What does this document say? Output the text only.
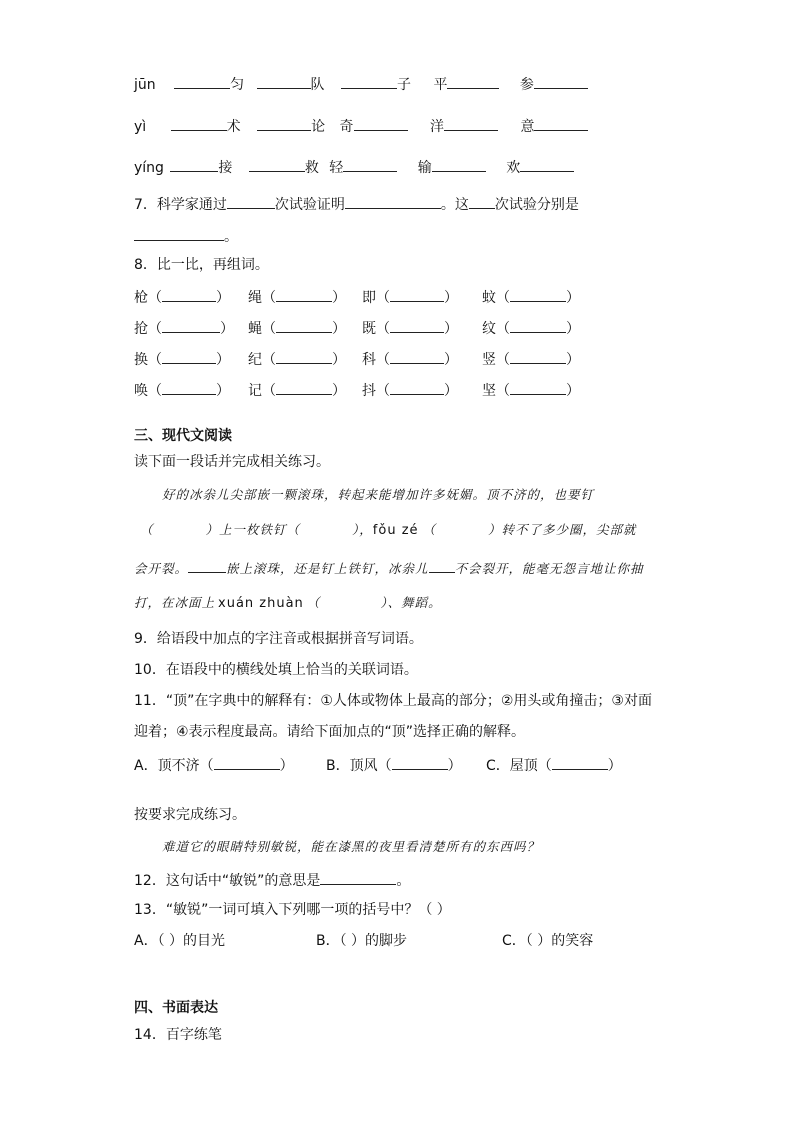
jūn	匀	队	子 平	参
yì	术	论 奇	洋	意
yíng	接	救 轻	输	欢
7．科学家通过	次试验证明	。这 次试验分别是
。
8．比一比，再组词。
枪（	） 绳（	） 即（	） 蚊（	）
抢（	） 蝇（	） 既（	） 纹（	）
换（	） 纪（	） 科（	） 竖（	）
唤（	） 记（	） 抖（	） 坚（	）
三、现代文阅读
读下面一段话并完成相关练习。
好的冰尜儿尖部嵌一颗滚珠，转起来能增加许多妩媚。顶不济的，也要钉
（	）上一枚铁钉（	），fǒu zé （	）转不了多少圈，尖部就
会开裂。	嵌上滚珠，还是钉上铁钉，冰尜儿 不会裂开，能毫无怨言地让你抽
打，在冰面上 xuán zhuàn （	）、舞蹈。
9．给语段中加点的字注音或根据拼音写词语。
10．在语段中的横线处填上恰当的关联词语。
11．“顶”在字典中的解释有：①人体或物体上最高的部分；②用头或角撞击；③对面
迎着；④表示程度最高。请给下面加点的“顶”选择正确的解释。
A．顶不济（	） B．顶风（	） C．屋顶（	）
按要求完成练习。
难道它的眼睛特别敏锐，能在漆黑的夜里看清楚所有的东西吗？
12．这句话中“敏锐”的意思是	。
13．“敏锐”一词可填入下列哪一项的括号中？（ ）
A．（ ）的目光	B．（ ）的脚步	C．（ ）的笑容
四、书面表达
14．百字练笔
